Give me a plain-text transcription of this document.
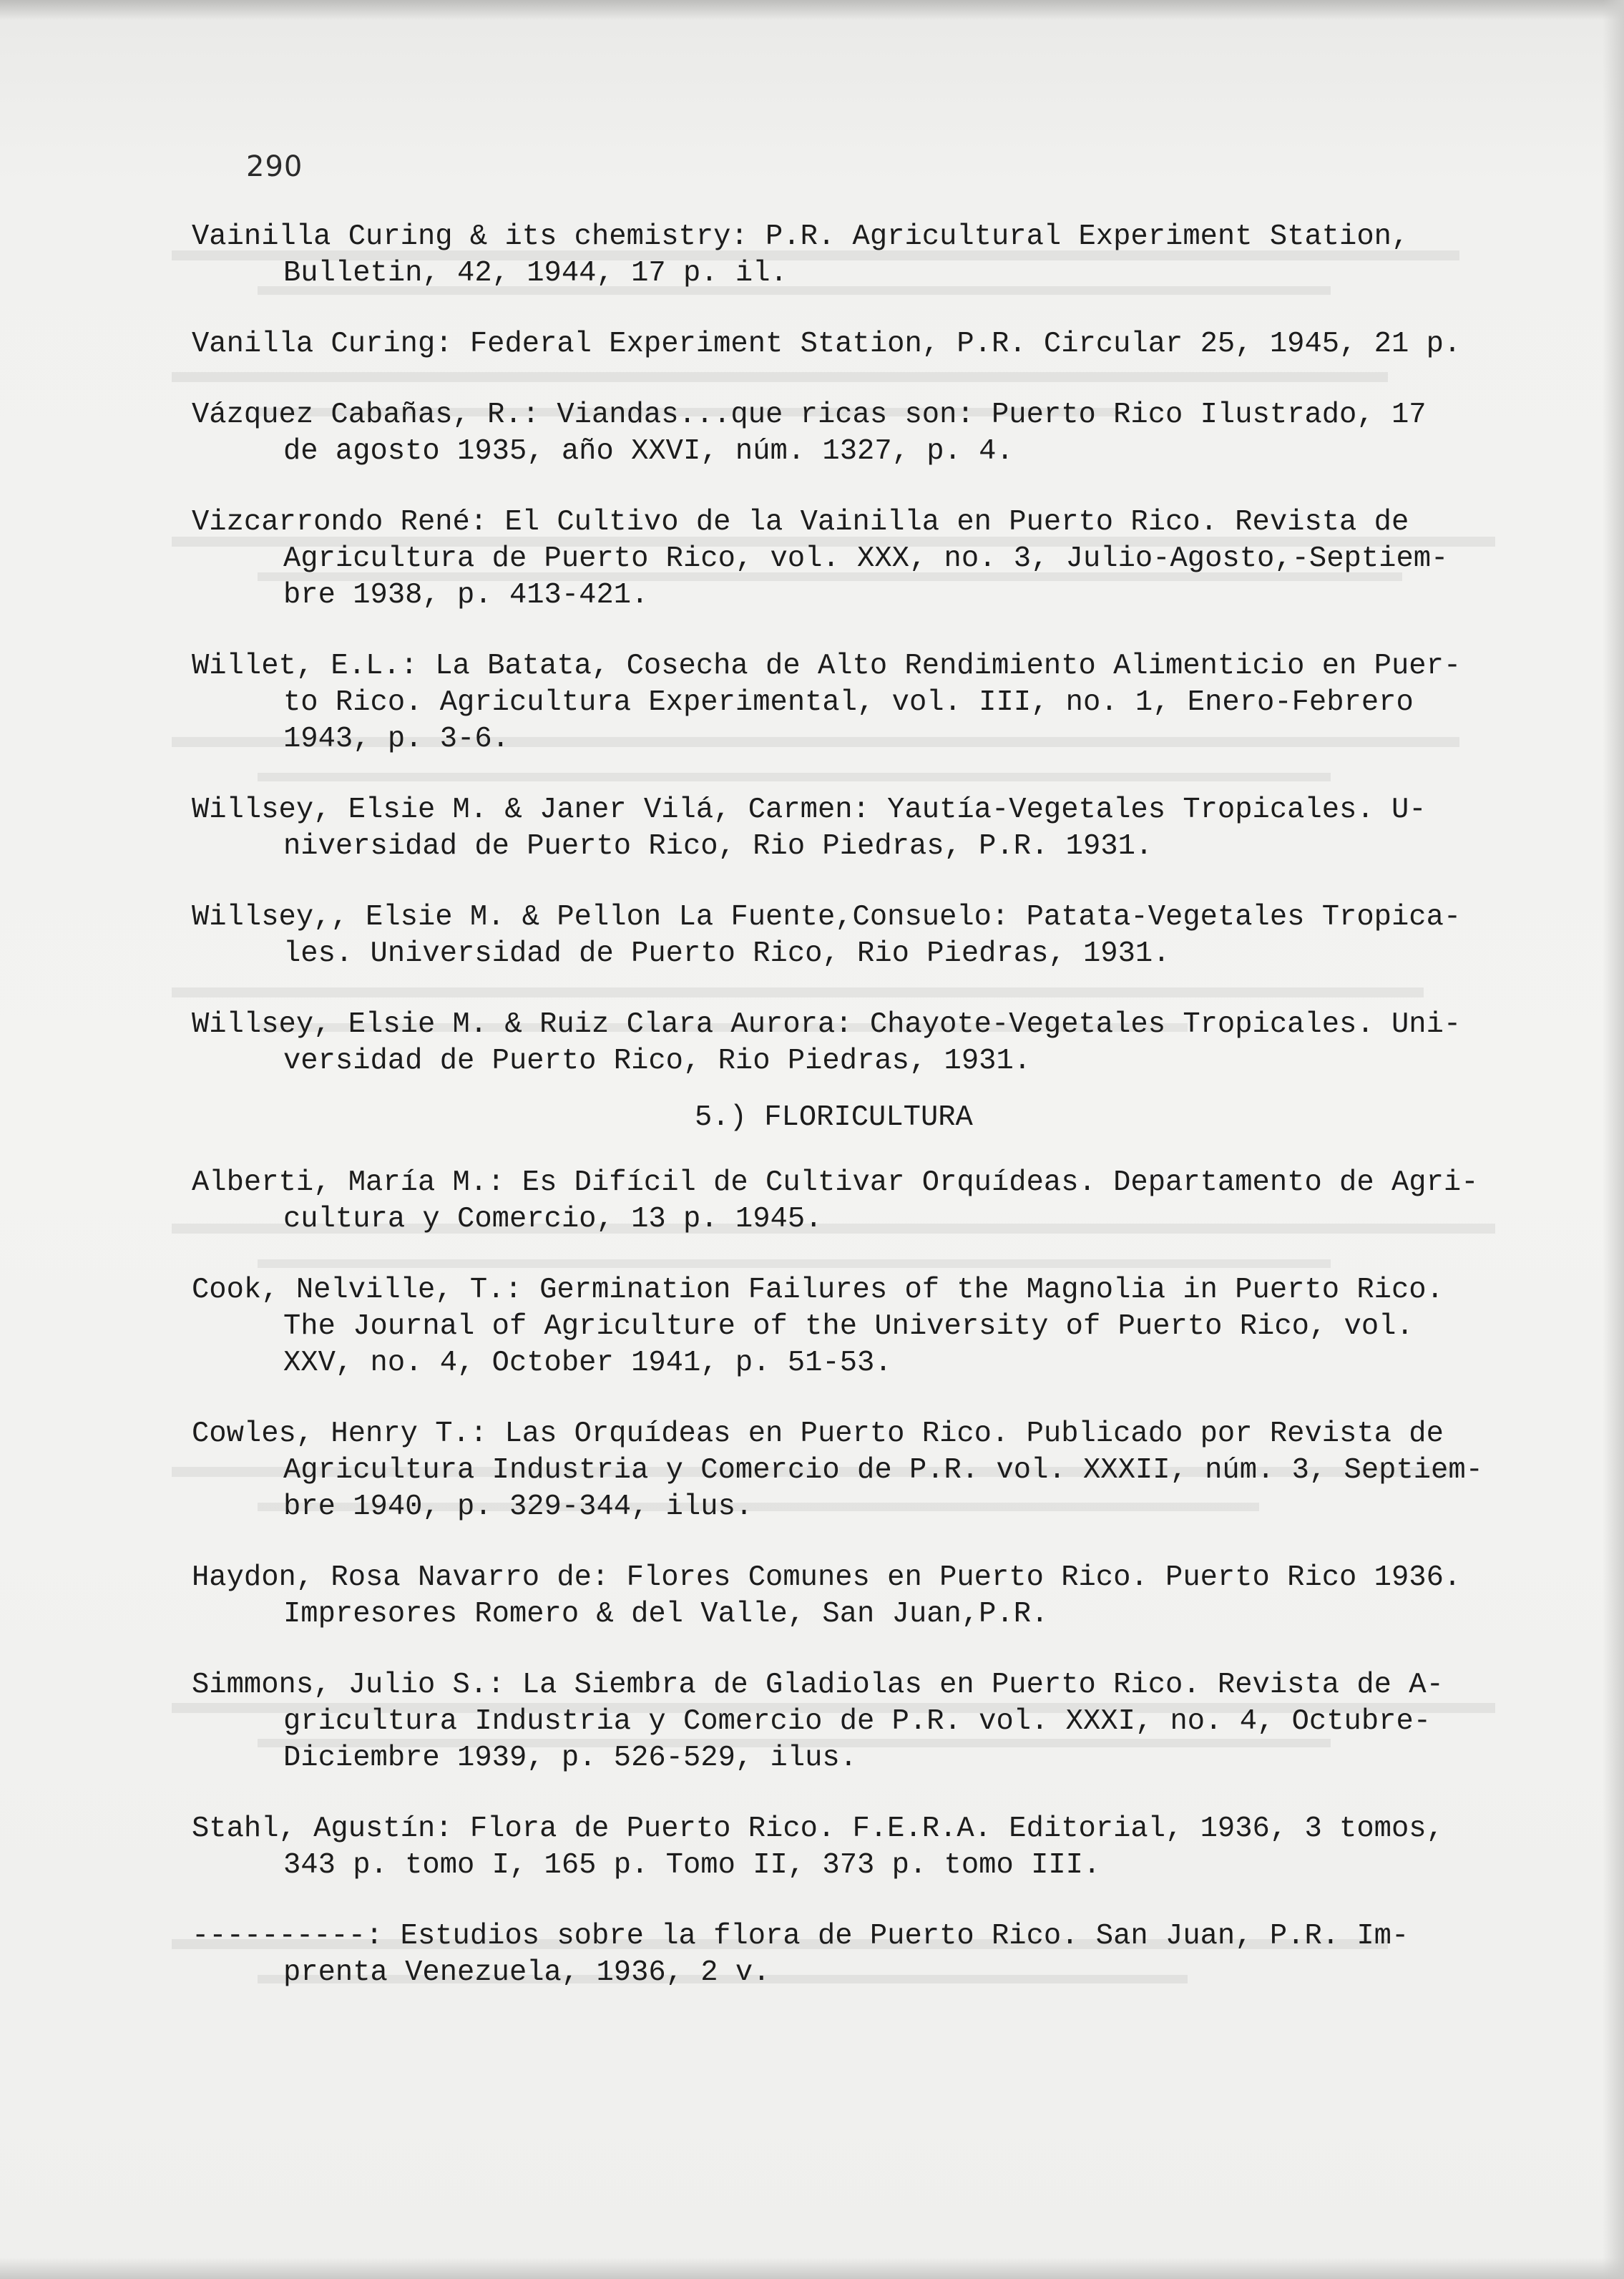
290
Vainilla Curing & its chemistry: P.R. Agricultural Experiment Station,
Bulletin, 42, 1944, 17 p. il.
Vanilla Curing: Federal Experiment Station, P.R. Circular 25, 1945, 21 p.
Vázquez Cabañas, R.: Viandas...que ricas son: Puerto Rico Ilustrado, 17
de agosto 1935, año XXVI, núm. 1327, p. 4.
Vizcarrondo René: El Cultivo de la Vainilla en Puerto Rico. Revista de
Agricultura de Puerto Rico, vol. XXX, no. 3, Julio-Agosto,-Septiem-
bre 1938, p. 413-421.
Willet, E.L.: La Batata, Cosecha de Alto Rendimiento Alimenticio en Puer-
to Rico. Agricultura Experimental, vol. III, no. 1, Enero-Febrero
1943, p. 3-6.
Willsey, Elsie M. & Janer Vilá, Carmen: Yautía-Vegetales Tropicales. U-
niversidad de Puerto Rico, Rio Piedras, P.R. 1931.
Willsey,, Elsie M. & Pellon La Fuente,Consuelo: Patata-Vegetales Tropica-
les. Universidad de Puerto Rico, Rio Piedras, 1931.
Willsey, Elsie M. & Ruiz Clara Aurora: Chayote-Vegetales Tropicales. Uni-
versidad de Puerto Rico, Rio Piedras, 1931.
5.) FLORICULTURA
Alberti, María M.: Es Difícil de Cultivar Orquídeas. Departamento de Agri-
cultura y Comercio, 13 p. 1945.
Cook, Nelville, T.: Germination Failures of the Magnolia in Puerto Rico.
The Journal of Agriculture of the University of Puerto Rico, vol.
XXV, no. 4, October 1941, p. 51-53.
Cowles, Henry T.: Las Orquídeas en Puerto Rico. Publicado por Revista de
Agricultura Industria y Comercio de P.R. vol. XXXII, núm. 3, Septiem-
bre 1940, p. 329-344, ilus.
Haydon, Rosa Navarro de: Flores Comunes en Puerto Rico. Puerto Rico 1936.
Impresores Romero & del Valle, San Juan,P.R.
Simmons, Julio S.: La Siembra de Gladiolas en Puerto Rico. Revista de A-
gricultura Industria y Comercio de P.R. vol. XXXI, no. 4, Octubre-
Diciembre 1939, p. 526-529, ilus.
Stahl, Agustín: Flora de Puerto Rico. F.E.R.A. Editorial, 1936, 3 tomos,
343 p. tomo I, 165 p. Tomo II, 373 p. tomo III.
----------: Estudios sobre la flora de Puerto Rico. San Juan, P.R. Im-
prenta Venezuela, 1936, 2 v.
